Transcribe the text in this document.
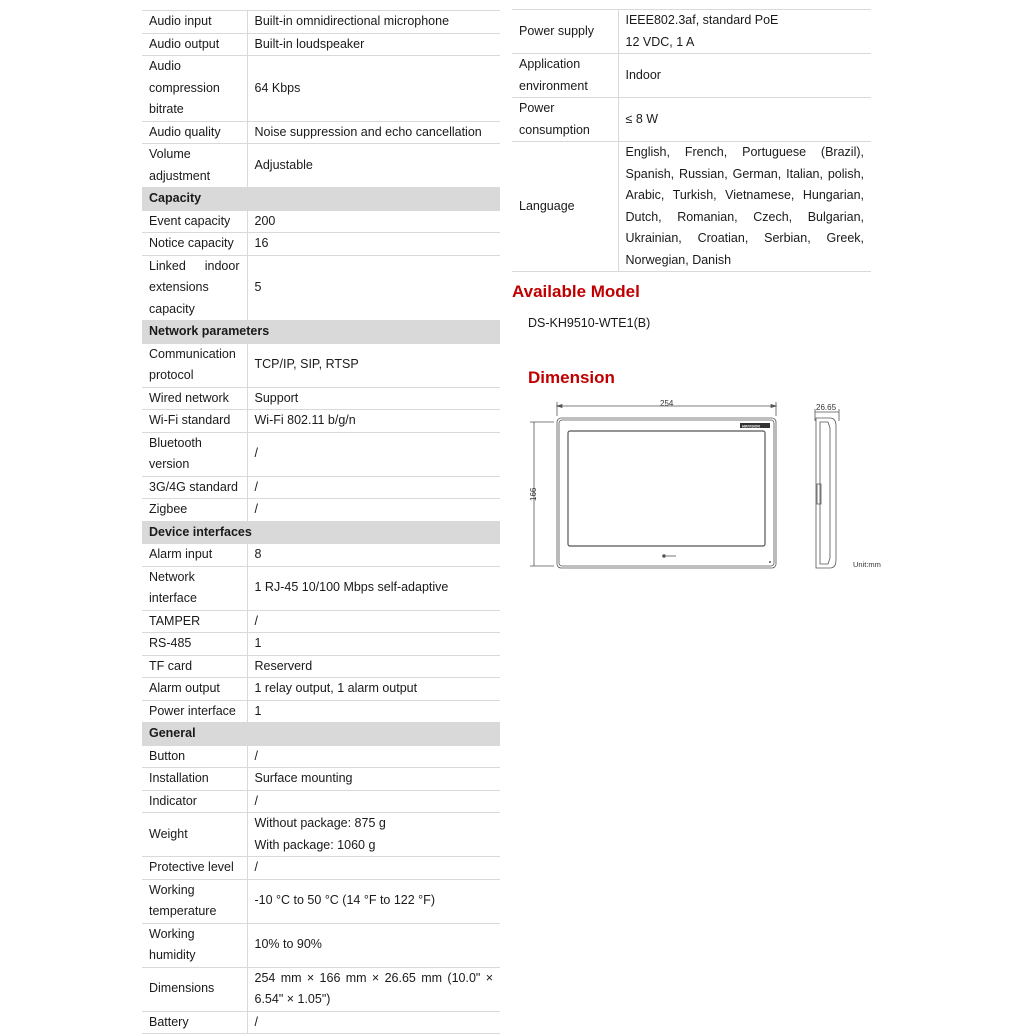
Audio input	Built-in omnidirectional microphone
Audio output	Built-in loudspeaker
Audio compression bitrate	64 Kbps
Audio quality	Noise suppression and echo cancellation
Volume adjustment	Adjustable
Capacity	
Event capacity	200
Notice capacity	16
Linked indoor extensions capacity	5
Network parameters	
Communication protocol	TCP/IP, SIP, RTSP
Wired network	Support
Wi-Fi standard	Wi-Fi 802.11 b/g/n
Bluetooth version	/
3G/4G standard	/
Zigbee	/
Device interfaces	
Alarm input	8
Network interface	1 RJ-45 10/100 Mbps self-adaptive
TAMPER	/
RS-485	1
TF card	Reserverd
Alarm output	1 relay output, 1 alarm output
Power interface	1
General	
Button	/
Installation	Surface mounting
Indicator	/
Weight	Without package: 875 g
With package: 1060 g
Protective level	/
Working temperature	-10 °C to 50 °C (14 °F to 122 °F)
Working humidity	10% to 90%
Dimensions	254 mm × 166 mm × 26.65 mm (10.0" × 6.54" × 1.05")
Battery	/
Power supply	IEEE802.3af, standard PoE
12 VDC, 1 A
Application environment	Indoor
Power consumption	≤ 8 W
Language	English, French, Portuguese (Brazil), Spanish, Russian, German, Italian, polish, Arabic, Turkish, Vietnamese, Hungarian, Dutch, Romanian, Czech, Bulgarian, Ukrainian, Croatian, Serbian, Greek, Norwegian, Danish
Available Model
DS-KH9510-WTE1(B)
Dimension
HIKVISION
254
166
26.65
Unit:mm
